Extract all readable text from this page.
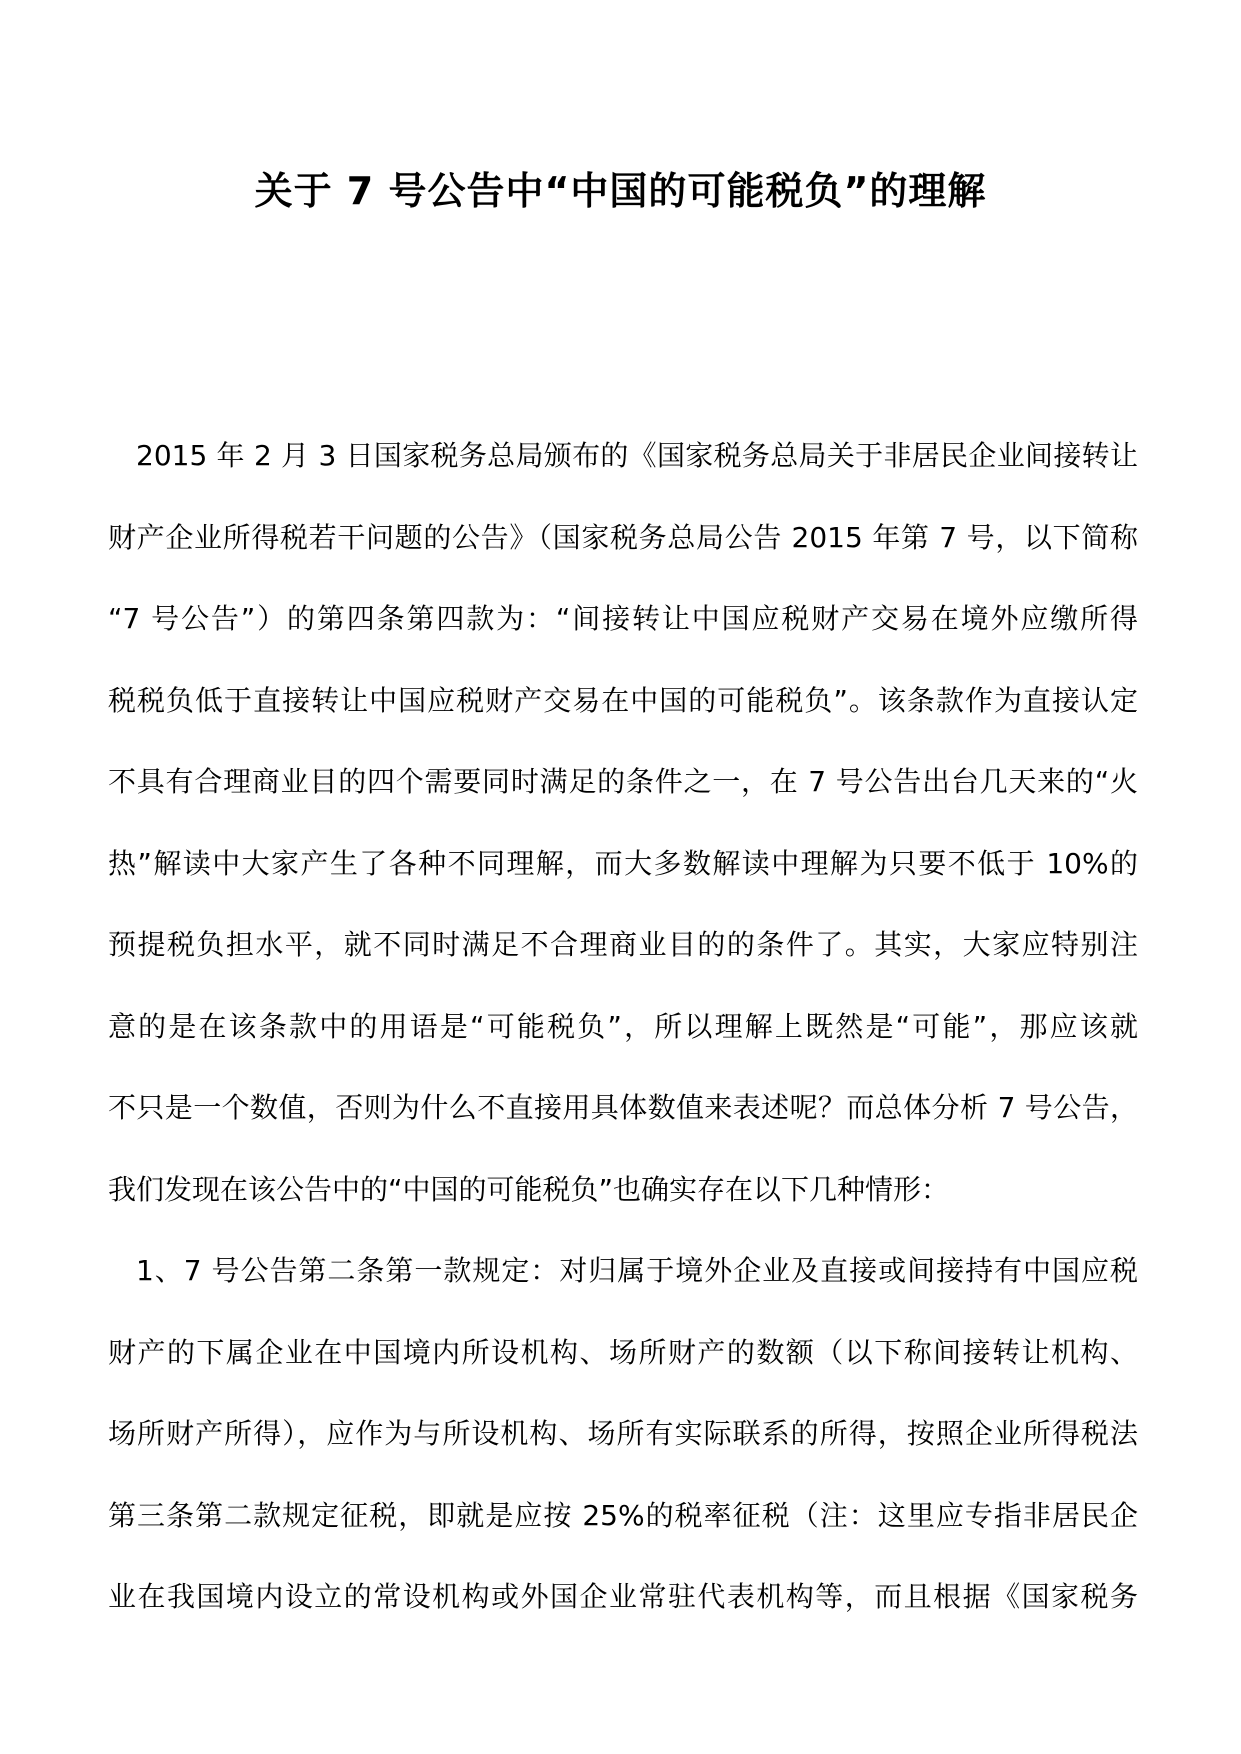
关于 7 号公告中“中国的可能税负”的理解
2015 年 2 月 3 日国家税务总局颁布的《国家税务总局关于非居民企业间接转让
财产企业所得税若干问题的公告》（国家税务总局公告 2015 年第 7 号，以下简称
“7 号公告”）的第四条第四款为：“间接转让中国应税财产交易在境外应缴所得
税税负低于直接转让中国应税财产交易在中国的可能税负”。该条款作为直接认定
不具有合理商业目的四个需要同时满足的条件之一，在 7 号公告出台几天来的“火
热”解读中大家产生了各种不同理解，而大多数解读中理解为只要不低于 10%的
预提税负担水平，就不同时满足不合理商业目的的条件了。其实，大家应特别注
意的是在该条款中的用语是“可能税负”，所以理解上既然是“可能”，那应该就
不只是一个数值，否则为什么不直接用具体数值来表述呢？而总体分析 7 号公告，
我们发现在该公告中的“中国的可能税负”也确实存在以下几种情形：
1、7 号公告第二条第一款规定：对归属于境外企业及直接或间接持有中国应税
财产的下属企业在中国境内所设机构、场所财产的数额（以下称间接转让机构、
场所财产所得），应作为与所设机构、场所有实际联系的所得，按照企业所得税法
第三条第二款规定征税，即就是应按 25%的税率征税（注：这里应专指非居民企
业在我国境内设立的常设机构或外国企业常驻代表机构等，而且根据《国家税务
